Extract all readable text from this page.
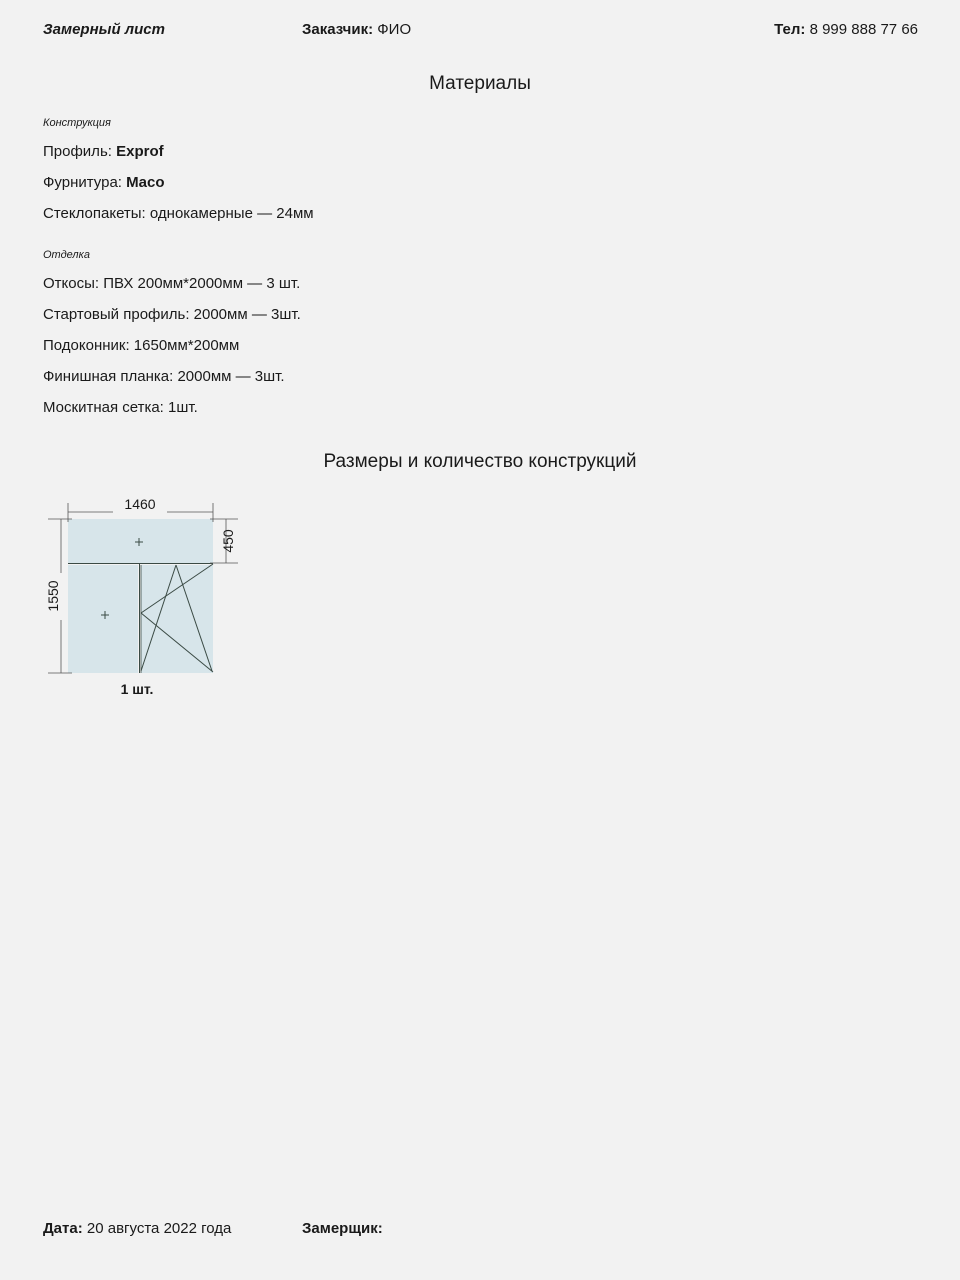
Замерный лист	Заказчик: ФИО	Тел: 8 999 888 77 66
Материалы
Конструкция
Профиль: Exprof
Фурнитура: Maco
Стеклопакеты: однокамерные — 24мм
Отделка
Откосы: ПВХ 200мм*2000мм — 3 шт.
Стартовый профиль: 2000мм — 3шт.
Подоконник: 1650мм*200мм
Финишная планка: 2000мм — 3шт.
Москитная сетка: 1шт.
Размеры и количество конструкций
1460
1550
450
1 шт.
Дата: 20 августа 2022 года	Замерщик:
